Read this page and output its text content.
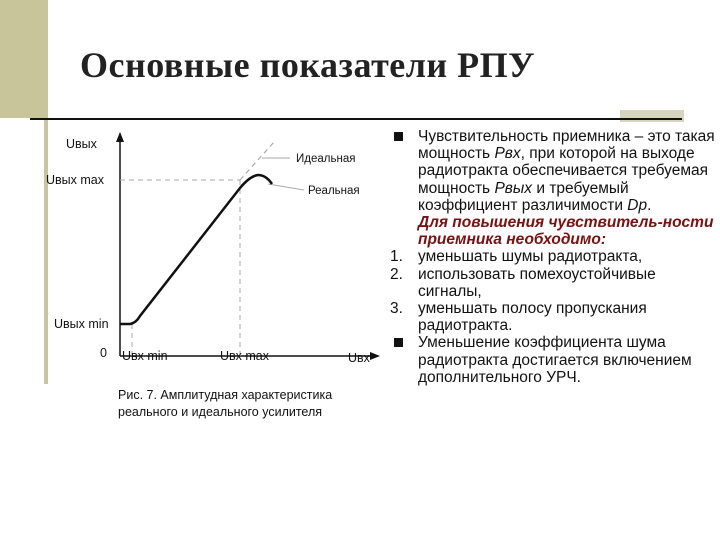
Основные показатели РПУ
Uвых
Uвых max
Uвых min
0 Uвх min	Uвх max	Uвх
Идеальная
Реальная
Рис. 7. Амплитудная характеристика
реального и идеального усилителя
Чувствительность приемника – это такая мощность Pвх, при которой на выходе радиотракта обеспечивается требуемая мощность Pвых и требуемый коэффициент различимости Dp.
Для повышения чувствитель-ности приемника необходимо:
1. уменьшать шумы радиотракта,
2. использовать помехоустойчивые сигналы,
3. уменьшать полосу пропускания радиотракта.
Уменьшение коэффициента шума радиотракта достигается включением дополнительного УРЧ.
